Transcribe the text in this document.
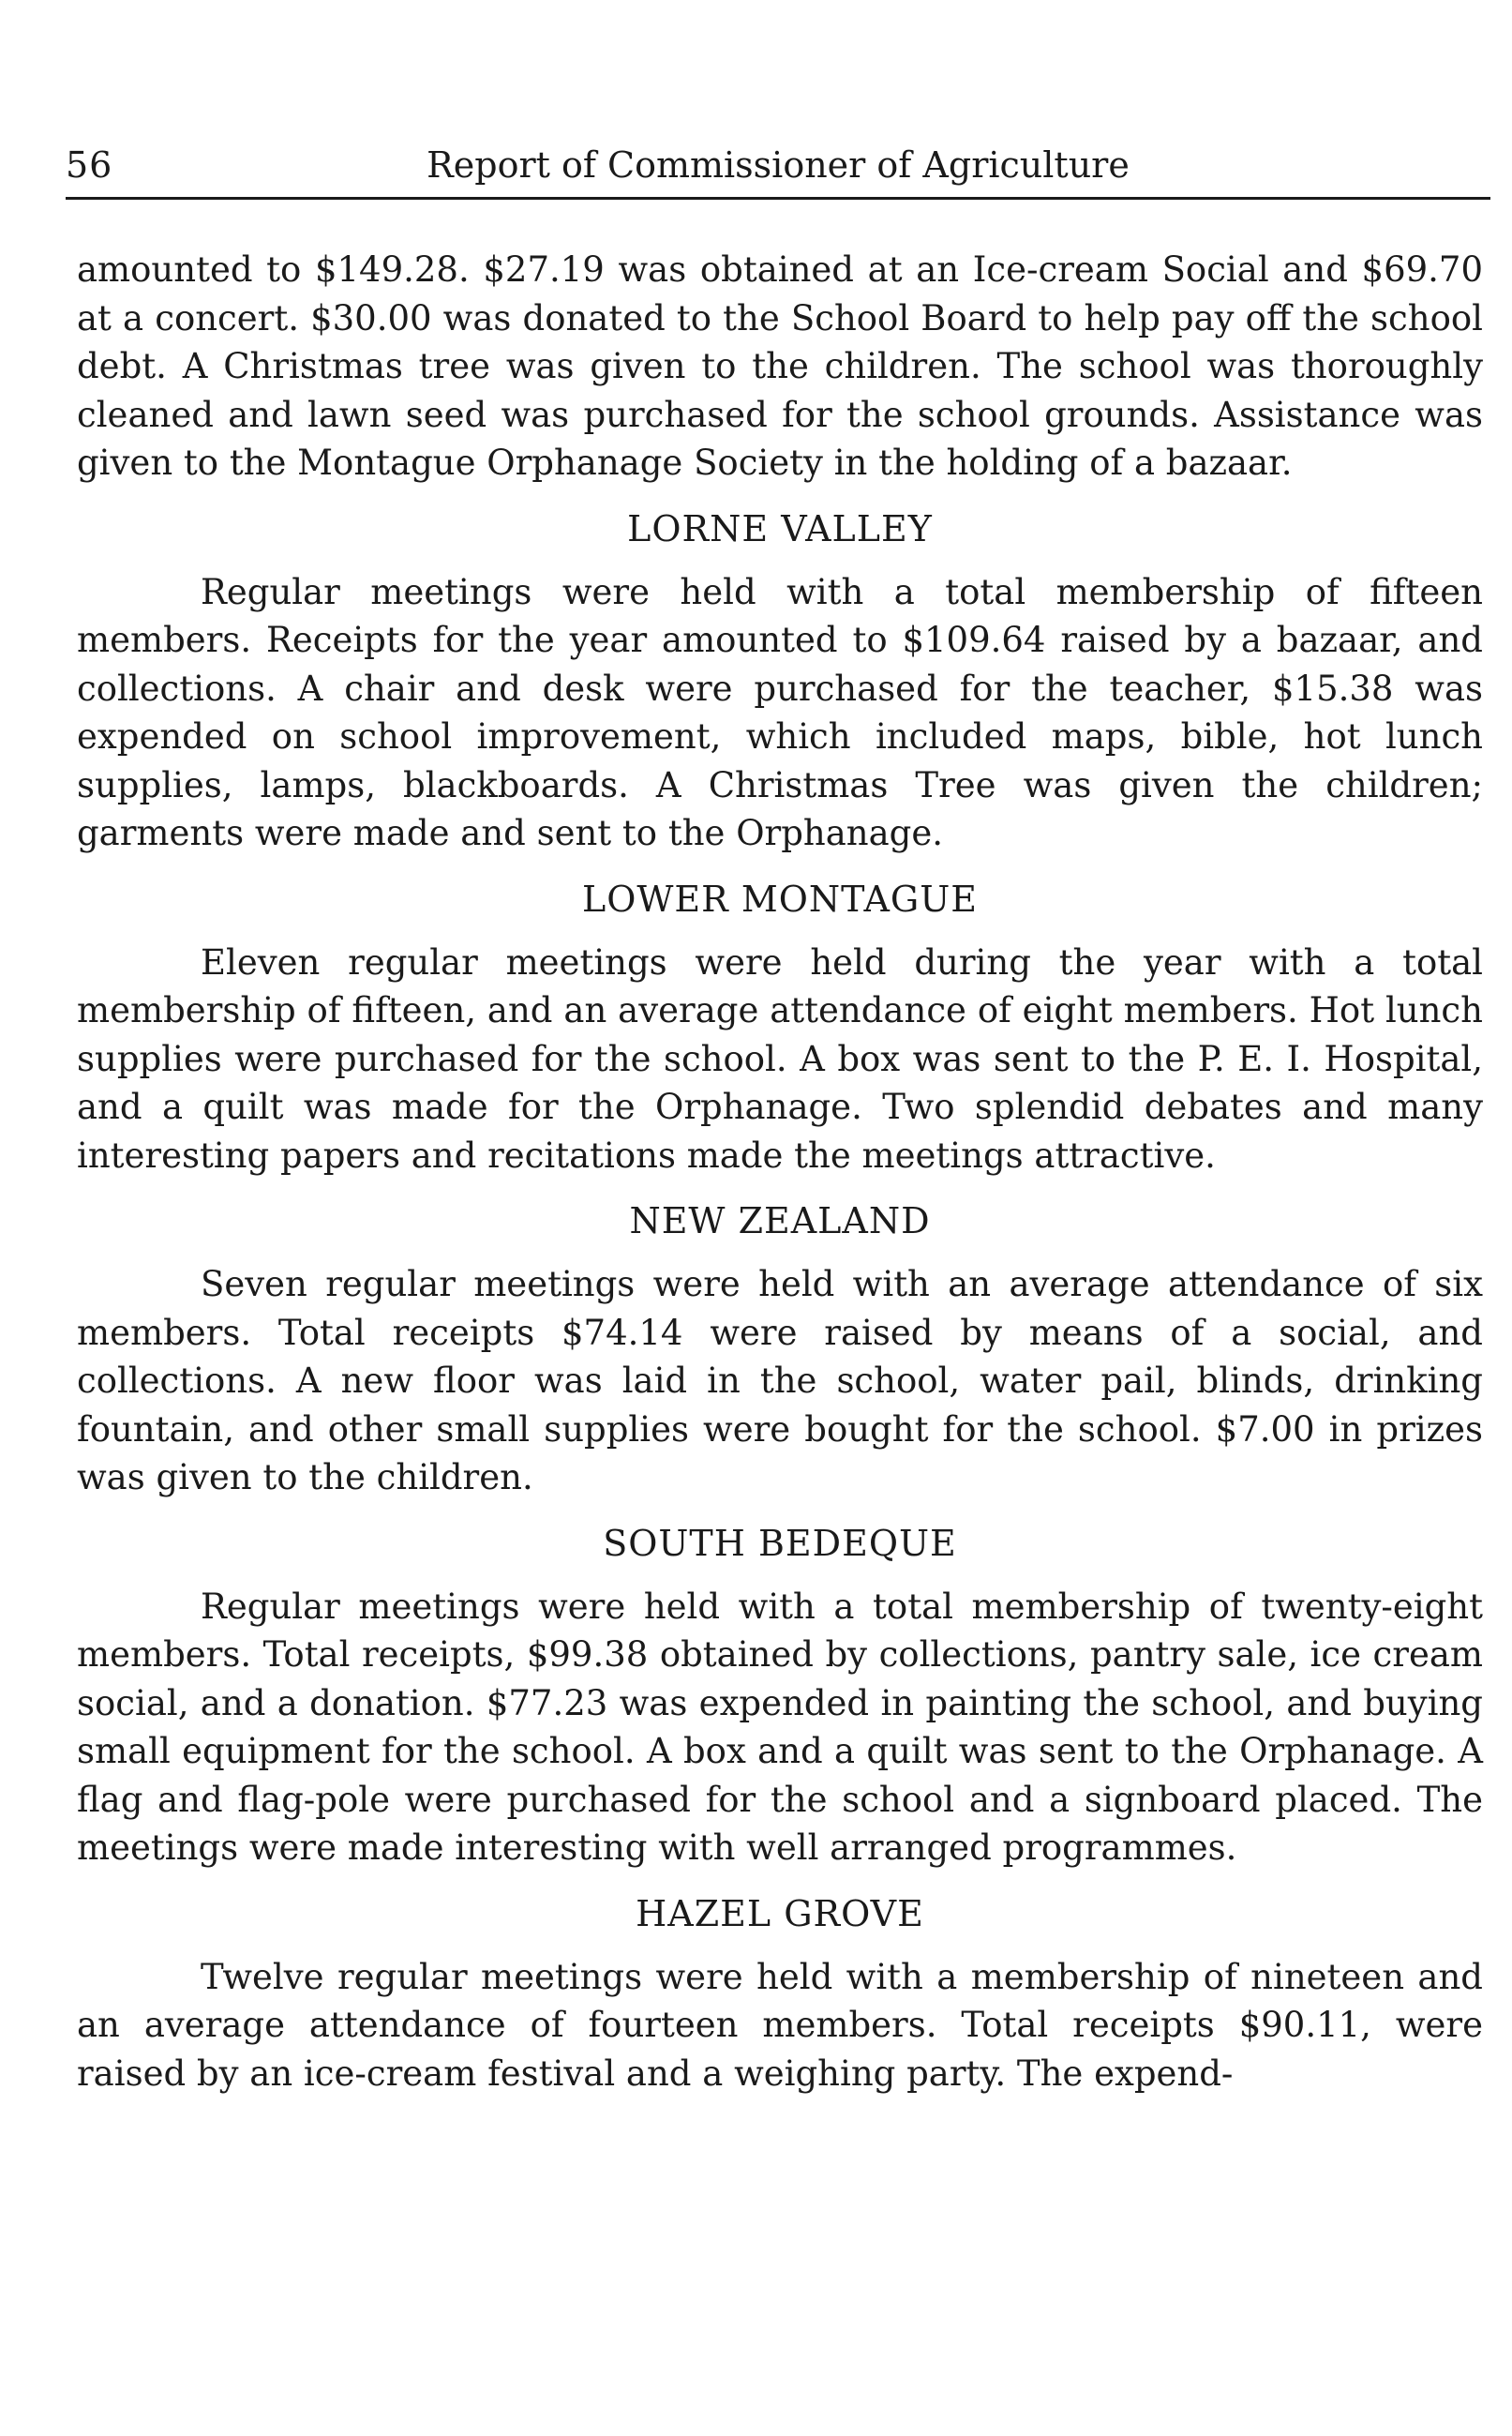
56	Report of Commissioner of Agriculture

amounted to $149.28. $27.19 was obtained at an Ice-cream Social and $69.70 at a concert. $30.00 was donated to the School Board to help pay off the school debt. A Christmas tree was given to the children. The school was thoroughly cleaned and lawn seed was purchased for the school grounds. Assistance was given to the Montague Orphanage Society in the holding of a bazaar.

LORNE VALLEY

Regular meetings were held with a total membership of fifteen members. Receipts for the year amounted to $109.64 raised by a bazaar, and collections. A chair and desk were purchased for the teacher, $15.38 was expended on school improvement, which included maps, bible, hot lunch supplies, lamps, blackboards. A Christmas Tree was given the children; garments were made and sent to the Orphanage.

LOWER MONTAGUE

Eleven regular meetings were held during the year with a total membership of fifteen, and an average attendance of eight members. Hot lunch supplies were purchased for the school. A box was sent to the P. E. I. Hospital, and a quilt was made for the Orphanage. Two splendid debates and many interesting papers and recitations made the meetings attractive.

NEW ZEALAND

Seven regular meetings were held with an average attendance of six members. Total receipts $74.14 were raised by means of a social, and collections. A new floor was laid in the school, water pail, blinds, drinking fountain, and other small supplies were bought for the school. $7.00 in prizes was given to the children.

SOUTH BEDEQUE

Regular meetings were held with a total membership of twenty-eight members. Total receipts, $99.38 obtained by collections, pantry sale, ice cream social, and a donation. $77.23 was expended in painting the school, and buying small equipment for the school. A box and a quilt was sent to the Orphanage. A flag and flag-pole were purchased for the school and a signboard placed. The meetings were made interesting with well arranged programmes.

HAZEL GROVE

Twelve regular meetings were held with a membership of nineteen and an average attendance of fourteen members. Total receipts $90.11, were raised by an ice-cream festival and a weighing party. The expend-
